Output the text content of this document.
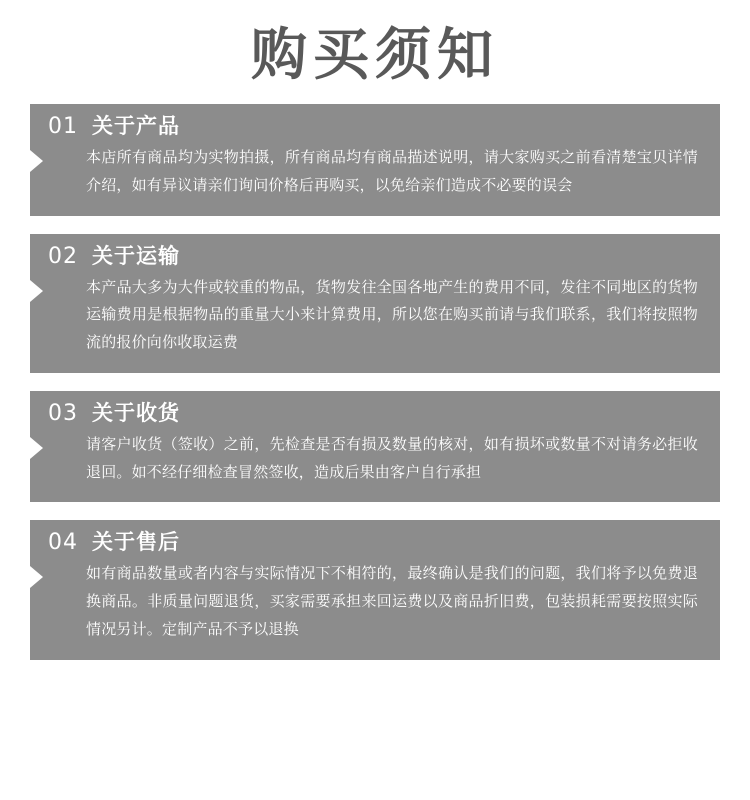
购买须知
01 关于产品
本店所有商品均为实物拍摄，所有商品均有商品描述说明，请大家购买之前看清楚宝贝详情介绍，如有异议请亲们询问价格后再购买，以免给亲们造成不必要的误会
02 关于运输
本产品大多为大件或较重的物品，货物发往全国各地产生的费用不同，发往不同地区的货物运输费用是根据物品的重量大小来计算费用，所以您在购买前请与我们联系，我们将按照物流的报价向你收取运费
03 关于收货
请客户收货（签收）之前，先检查是否有损及数量的核对，如有损坏或数量不对请务必拒收退回。如不经仔细检查冒然签收，造成后果由客户自行承担
04 关于售后
如有商品数量或者内容与实际情况下不相符的，最终确认是我们的问题，我们将予以免费退换商品。非质量问题退货，买家需要承担来回运费以及商品折旧费，包装损耗需要按照实际情况另计。定制产品不予以退换
